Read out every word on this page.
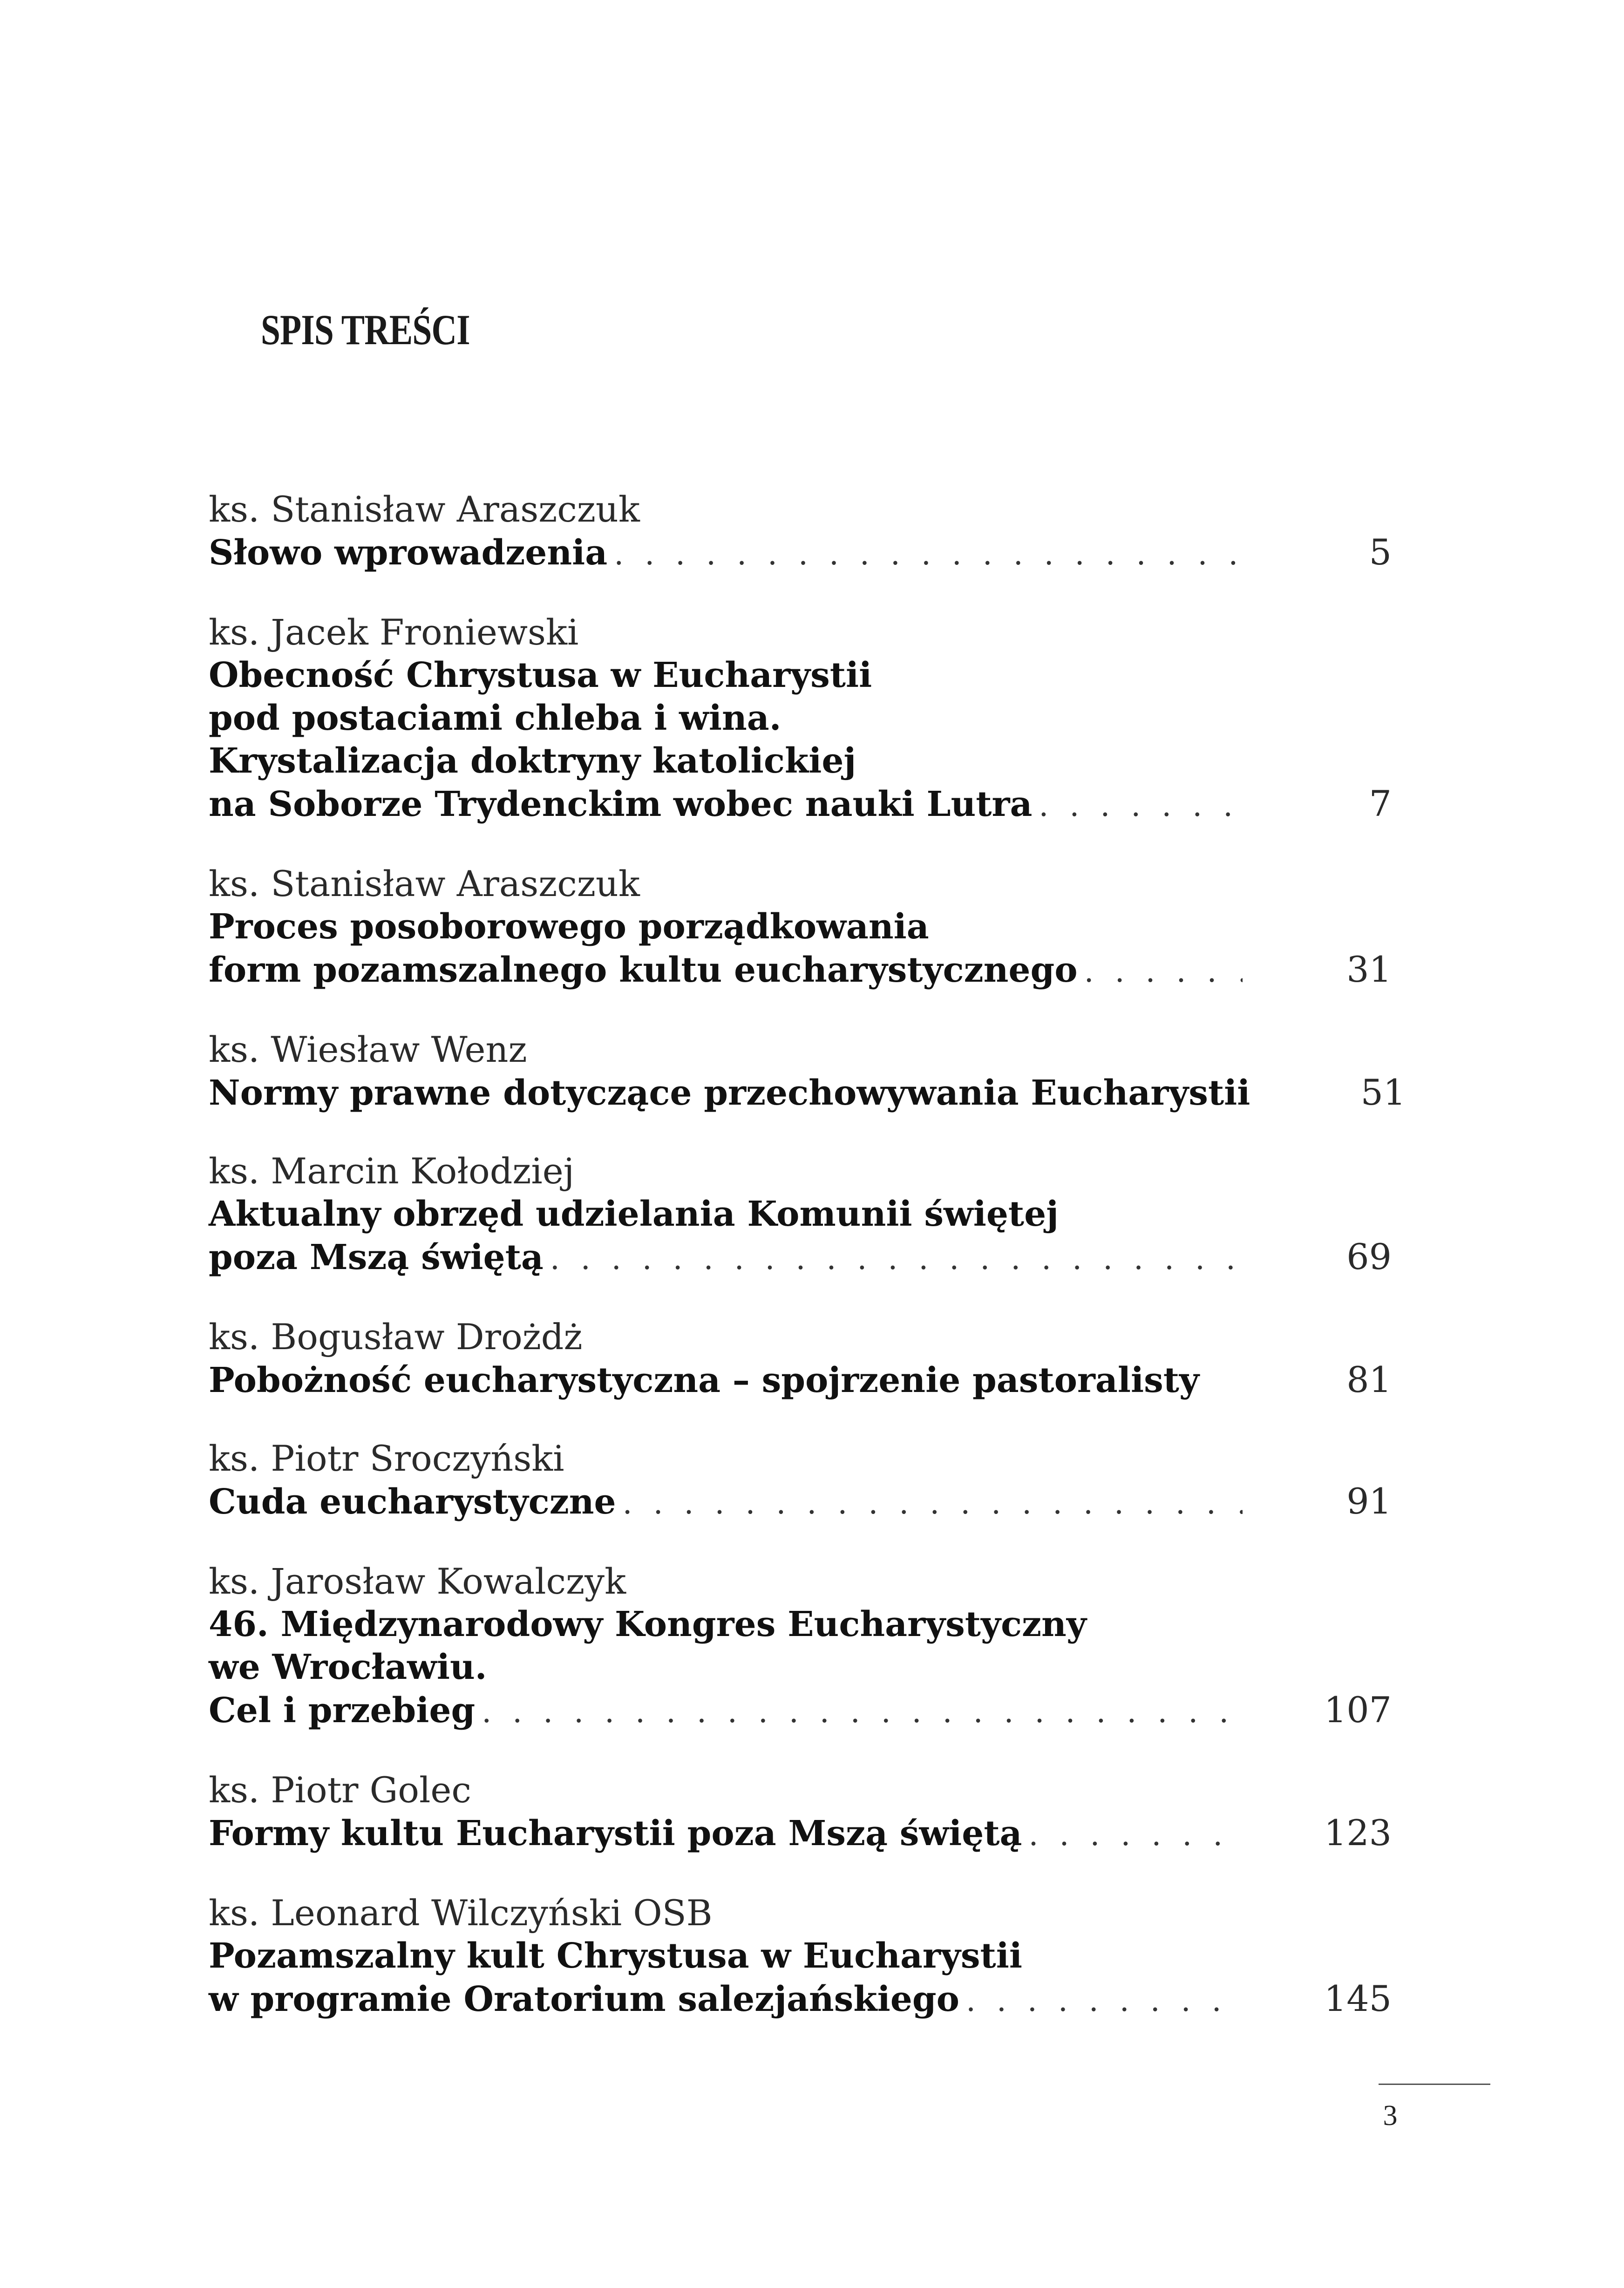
SPIS TREŚCI
ks. Stanisław Araszczuk
Słowo wprowadzenia . . .	5
ks. Jacek Froniewski
Obecność Chrystusa w Eucharystii
pod postaciami chleba i wina.
Krystalizacja doktryny katolickiej
na Soborze Trydenckim wobec nauki Lutra . . .	7
ks. Stanisław Araszczuk
Proces posoborowego porządkowania
form pozamszalnego kultu eucharystycznego . . .	31
ks. Wiesław Wenz
Normy prawne dotyczące przechowywania Eucharystii	51
ks. Marcin Kołodziej
Aktualny obrzęd udzielania Komunii świętej
poza Mszą świętą . . .	69
ks. Bogusław Drożdż
Pobożność eucharystyczna – spojrzenie pastoralisty	81
ks. Piotr Sroczyński
Cuda eucharystyczne . . .	91
ks. Jarosław Kowalczyk
46. Międzynarodowy Kongres Eucharystyczny
we Wrocławiu.
Cel i przebieg . . .	107
ks. Piotr Golec
Formy kultu Eucharystii poza Mszą świętą . . .	123
ks. Leonard Wilczyński OSB
Pozamszalny kult Chrystusa w Eucharystii
w programie Oratorium salezjańskiego . . .	145
3
